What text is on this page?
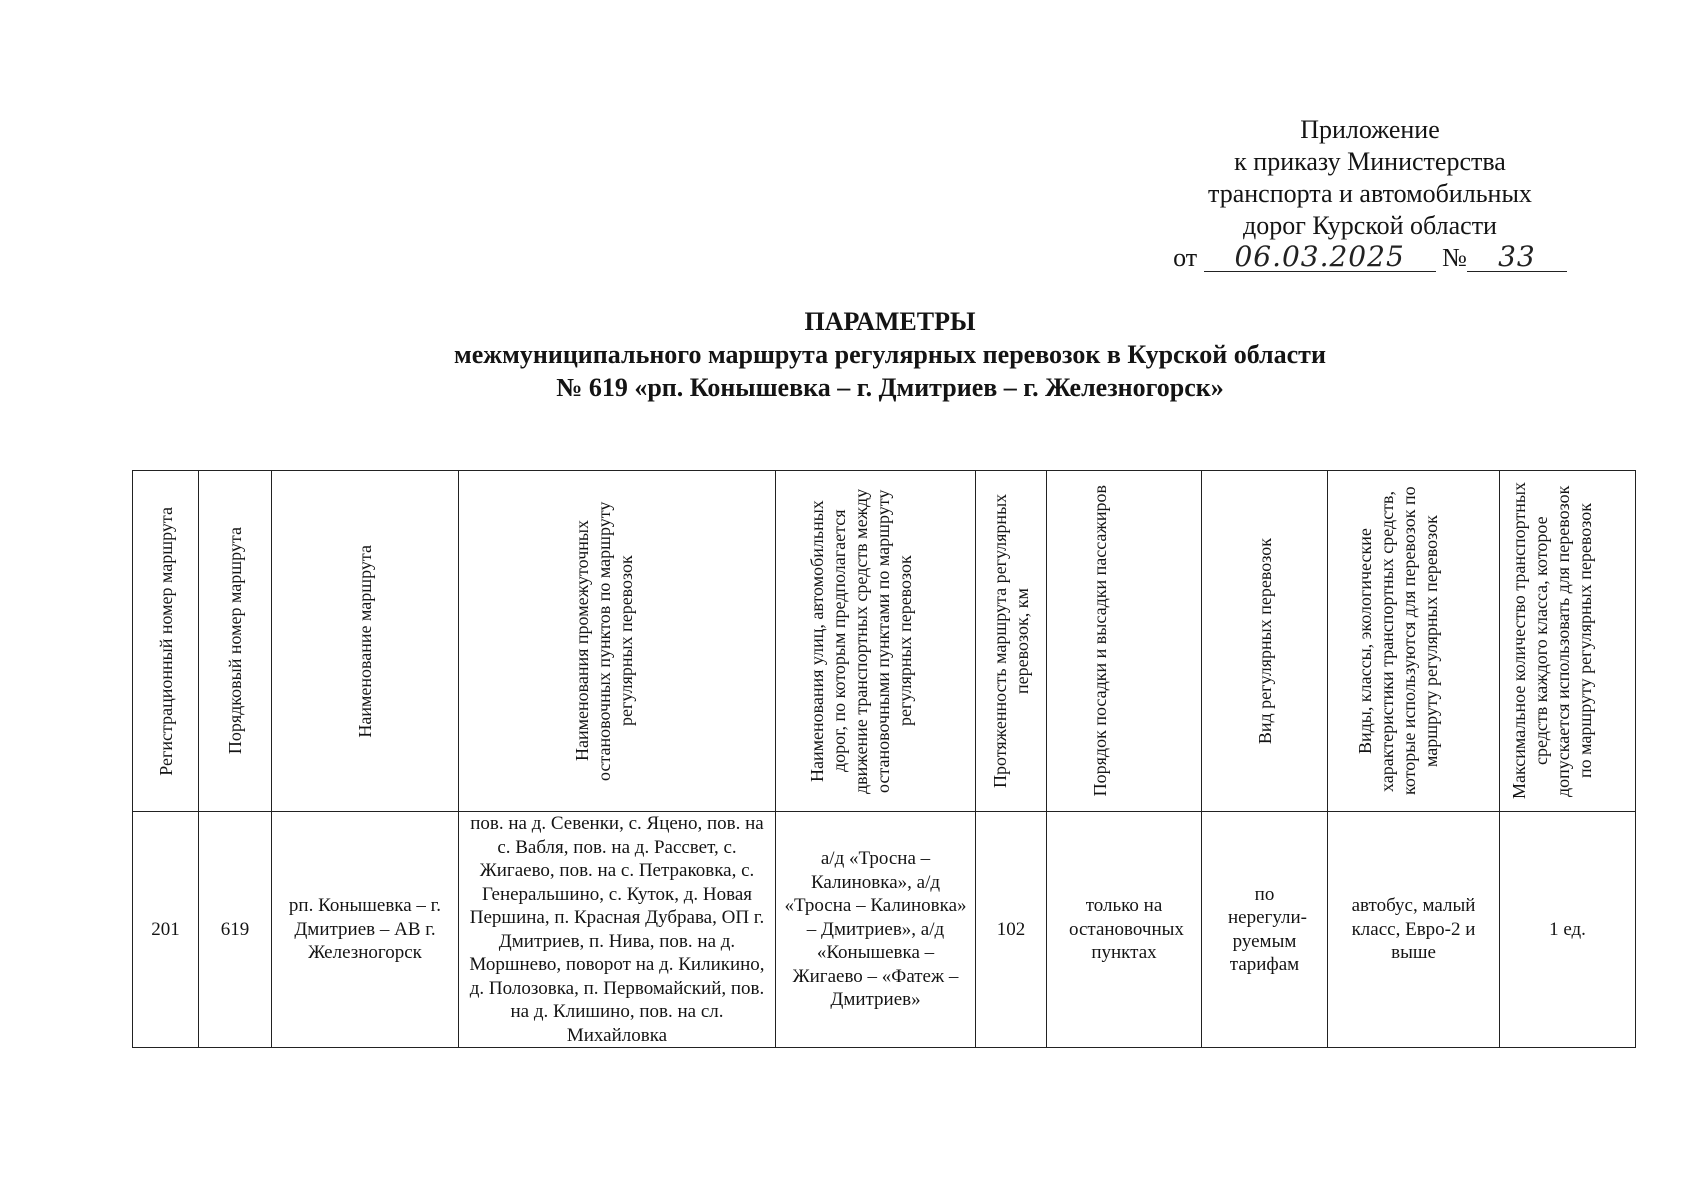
Приложение
к приказу Министерства
транспорта и автомобильных
дорог Курской области
от 06.03.2025 № 33
ПАРАМЕТРЫ
межмуниципального маршрута регулярных перевозок в Курской области
№ 619 «рп. Конышевка – г. Дмитриев – г. Железногорск»
Регистрационный номер маршрута	Порядковый номер маршрута	Наименование маршрута	Наименования промежуточных остановочных пунктов по маршруту регулярных перевозок	Наименования улиц, автомобильных дорог, по которым предполагается движение транспортных средств между остановочными пунктами по маршруту регулярных перевозок	Протяженность маршрута регулярных перевозок, км	Порядок посадки и высадки пассажиров	Вид регулярных перевозок	Виды, классы, экологические характеристики транспортных средств, которые используются для перевозок по маршруту регулярных перевозок	Максимальное количество транспортных средств каждого класса, которое допускается использовать для перевозок по маршруту регулярных перевозок

201	619	рп. Конышевка – г. Дмитриев – АВ г. Железногорск	пов. на д. Севенки, с. Яцено, пов. на с. Вабля, пов. на д. Рассвет, с. Жигаево, пов. на с. Петраковка, с. Генеральшино, с. Куток, д. Новая Першина, п. Красная Дубрава, ОП г. Дмитриев, п. Нива, пов. на д. Моршнево, поворот на д. Киликино, д. Полозовка, п. Первомайский, пов. на д. Клишино, пов. на сл. Михайловка	а/д «Тросна – Калиновка», а/д «Тросна – Калиновка» – Дмитриев», а/д «Конышевка – Жигаево – «Фатеж – Дмитриев»	102	только на остановочных пунктах	по нерегули-руемым тарифам	автобус, малый класс, Евро-2 и выше	1 ед.
